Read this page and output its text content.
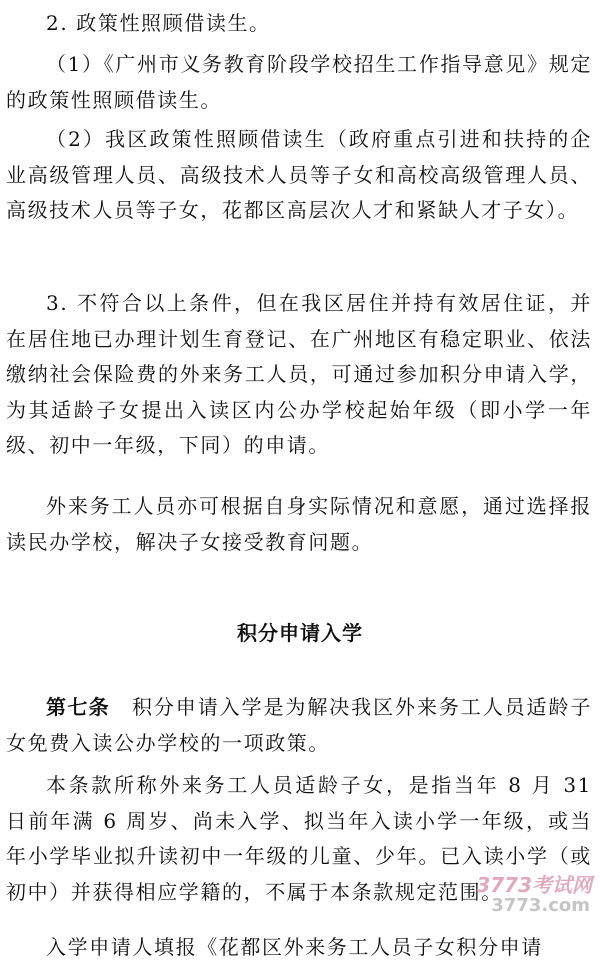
2. 政策性照顾借读生。

（1）《广州市义务教育阶段学校招生工作指导意见》规定的政策性照顾借读生。

（2）我区政策性照顾借读生（政府重点引进和扶持的企业高级管理人员、高级技术人员等子女和高校高级管理人员、高级技术人员等子女，花都区高层次人才和紧缺人才子女）。

3. 不符合以上条件，但在我区居住并持有效居住证，并在居住地已办理计划生育登记、在广州地区有稳定职业、依法缴纳社会保险费的外来务工人员，可通过参加积分申请入学，为其适龄子女提出入读区内公办学校起始年级（即小学一年级、初中一年级，下同）的申请。

外来务工人员亦可根据自身实际情况和意愿，通过选择报读民办学校，解决子女接受教育问题。

积分申请入学

第七条 积分申请入学是为解决我区外来务工人员适龄子女免费入读公办学校的一项政策。

本条款所称外来务工人员适龄子女，是指当年 8 月 31 日前年满 6 周岁、尚未入学、拟当年入读小学一年级，或当年小学毕业拟升读初中一年级的儿童、少年。已入读小学（或初中）并获得相应学籍的，不属于本条款规定范围。

入学申请人填报《花都区外来务工人员子女积分申请

3773考试网
3773.com
